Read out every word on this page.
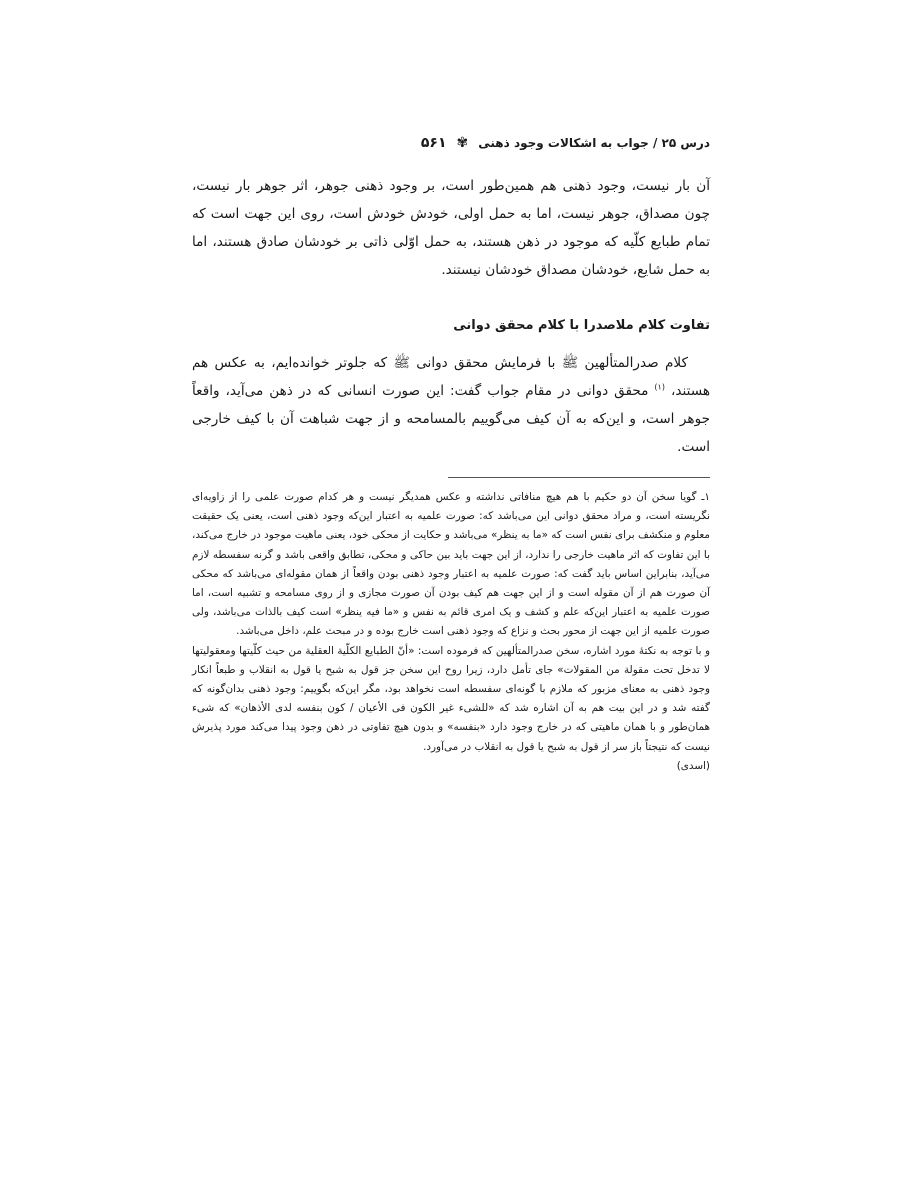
درس ۲۵ / جواب به اشکالات وجود ذهنی
✾
۵۶۱

آن بار نیست، وجود ذهنی هم همین‌طور است، بر وجود ذهنی جوهر، اثر جوهر بار نیست، چون مصداق، جوهر نیست، اما به حمل اولی، خودش خودش است، روی این جهت است که تمام طبایع کلّیه که موجود در ذهن هستند، به حمل اوّلی ذاتی بر خودشان صادق هستند، اما به حمل شایع، خودشان مصداق خودشان نیستند.

تفاوت کلام ملاصدرا با کلام محقق دوانی

کلام صدرالمتألهین ﷺ با فرمایش محقق دوانی ﷺ که جلوتر خوانده‌ایم، به عکس هم هستند، $^{(۱)}$ محقق دوانی در مقام جواب گفت: این صورت انسانی که در ذهن می‌آید، واقعاً جوهر است، و این‌که به آن کیف می‌گوییم بالمسامحه و از جهت شباهت آن با کیف خارجی است.

۱ـ گویا سخن آن دو حکیم با هم هیچ منافاتی نداشته و عکس همدیگر نیست و هر کدام صورت علمی را از زاویه‌ای نگریسته است، و مراد محقق دوانی این می‌باشد که: صورت علمیه به اعتبار این‌که وجود ذهنی است، یعنی یک حقیقت معلوم و منکشف برای نفس است که «ما به ینظر» می‌باشد و حکایت از محکی خود، یعنی ماهیت موجود در خارج می‌کند، با این تفاوت که اثر ماهیت خارجی را ندارد، از این جهت باید بین حاکی و محکی، تطابق واقعی باشد و گرنه سفسطه لازم می‌آید، بنابراین اساس باید گفت که: صورت علمیه به اعتبار وجود ذهنی بودن واقعاً از همان مقوله‌ای می‌باشد که محکی آن صورت هم از آن مقوله است و از این جهت هم کیف بودن آن صورت مجازی و از روی مسامحه و تشبیه است، اما صورت علمیه به اعتبار این‌که علم و کشف و یک امری قائم به نفس و «ما فیه ینظر» است کیف بالذات می‌باشد، ولی صورت علمیه از این جهت از محور بحث و نزاع که وجود ذهنی است خارج بوده و در مبحث علم، داخل می‌باشد.

و با توجه به نکتهٔ مورد اشاره، سخن صدرالمتألهین که فرموده است: «أنّ الطبایع الکلّیة العقلیة من حیث کلّیتها ومعقولیتها لا تدخل تحت مقولة من المقولات» جای تأمل دارد، زیرا روح این سخن جز قول به شبح یا قول به انقلاب و طبعاً انکار وجود ذهنی به معنای مزبور که ملازم با گونه‌ای سفسطه است نخواهد بود، مگر این‌که بگوییم: وجود ذهنی بدان‌گونه که گفته شد و در این بیت هم به آن اشاره شد که «للشیء غیر الکون فی الأعیان / کون بنفسه لدی الأذهان» که شیء همان‌طور و با همان ماهیتی که در خارج وجود دارد «بنفسه» و بدون هیچ تفاوتی در ذهن وجود پیدا می‌کند مورد پذیرش نیست که نتیجتاً باز سر از قول به شبح یا قول به انقلاب در می‌آورد.

(اسدی)
